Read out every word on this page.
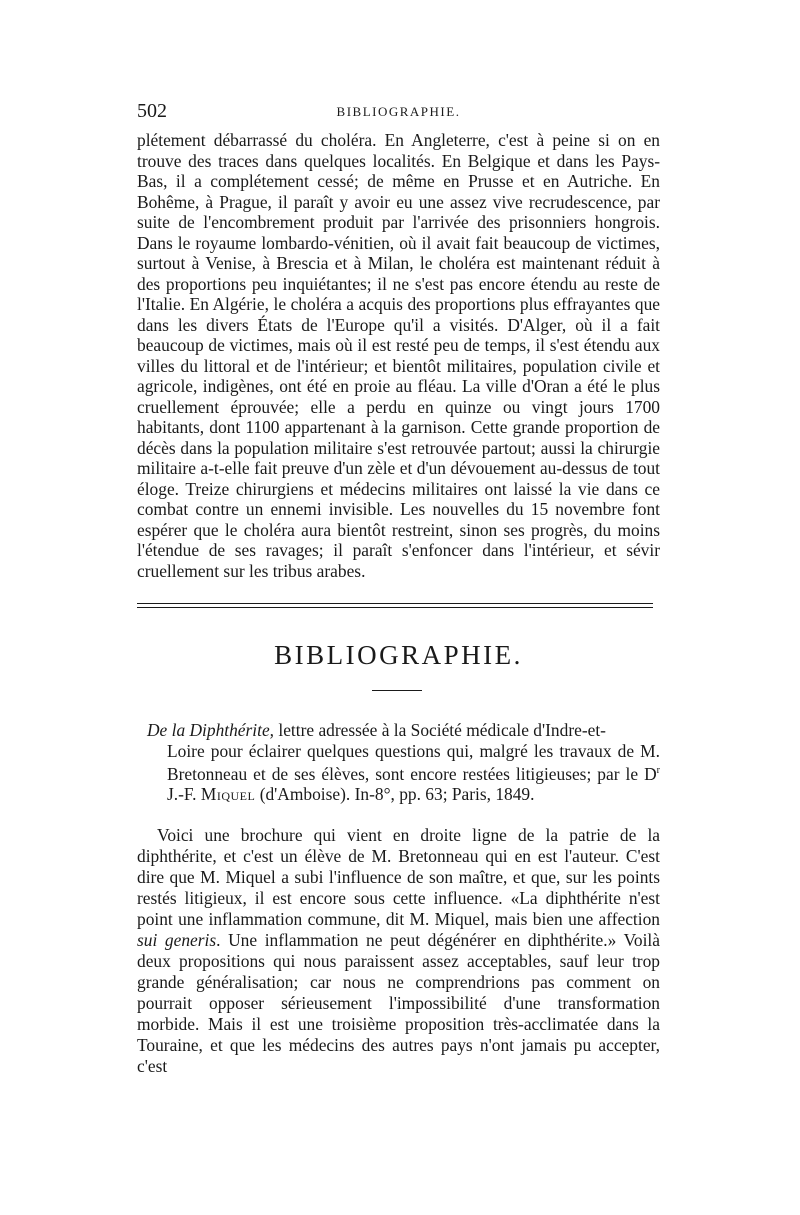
502	BIBLIOGRAPHIE.

plétement débarrassé du choléra. En Angleterre, c'est à peine si on en trouve des traces dans quelques localités. En Belgique et dans les Pays-Bas, il a complétement cessé; de même en Prusse et en Autriche. En Bohême, à Prague, il paraît y avoir eu une assez vive recrudescence, par suite de l'encombrement produit par l'arrivée des prisonniers hongrois. Dans le royaume lombardo-vénitien, où il avait fait beaucoup de victimes, surtout à Venise, à Brescia et à Milan, le choléra est maintenant réduit à des proportions peu inquiétantes; il ne s'est pas encore étendu au reste de l'Italie. En Algérie, le choléra a acquis des proportions plus effrayantes que dans les divers États de l'Europe qu'il a visités. D'Alger, où il a fait beaucoup de victimes, mais où il est resté peu de temps, il s'est étendu aux villes du littoral et de l'intérieur; et bientôt militaires, population civile et agricole, indigènes, ont été en proie au fléau. La ville d'Oran a été le plus cruellement éprouvée; elle a perdu en quinze ou vingt jours 1700 habitants, dont 1100 appartenant à la garnison. Cette grande proportion de décès dans la population militaire s'est retrouvée partout; aussi la chirurgie militaire a-t-elle fait preuve d'un zèle et d'un dévouement au-dessus de tout éloge. Treize chirurgiens et médecins militaires ont laissé la vie dans ce combat contre un ennemi invisible. Les nouvelles du 15 novembre font espérer que le choléra aura bientôt restreint, sinon ses progrès, du moins l'étendue de ses ravages; il paraît s'enfoncer dans l'intérieur, et sévir cruellement sur les tribus arabes.

BIBLIOGRAPHIE.
De la Diphthérite, lettre adressée à la Société médicale d'Indre-et-
Loire pour éclairer quelques questions qui, malgré les travaux de M. Bretonneau et de ses élèves, sont encore restées litigieuses; par le $D^r$ J.-F. Miquel (d'Amboise). In-8°, pp. 63; Paris, 1849.

Voici une brochure qui vient en droite ligne de la patrie de la diphthérite, et c'est un élève de M. Bretonneau qui en est l'auteur. C'est dire que M. Miquel a subi l'influence de son maître, et que, sur les points restés litigieux, il est encore sous cette influence. «La diphthérite n'est point une inflammation commune, dit M. Miquel, mais bien une affection sui generis. Une inflammation ne peut dégénérer en diphthérite.» Voilà deux propositions qui nous paraissent assez acceptables, sauf leur trop grande généralisation; car nous ne comprendrions pas comment on pourrait opposer sérieusement l'impossibilité d'une transformation morbide. Mais il est une troisième proposition très-acclimatée dans la Touraine, et que les médecins des autres pays n'ont jamais pu accepter, c'est
